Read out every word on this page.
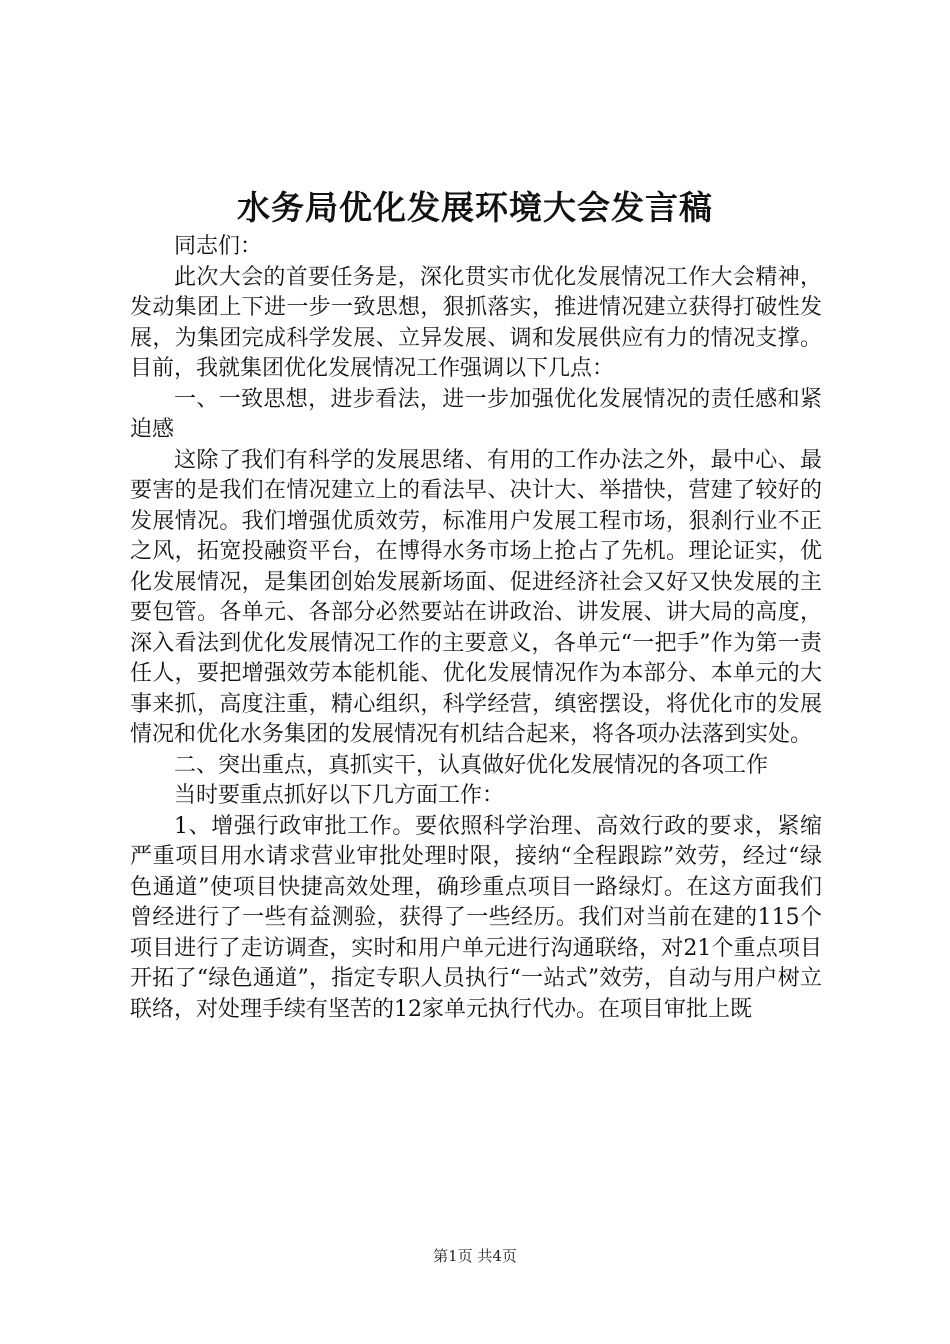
水务局优化发展环境大会发言稿

同志们：

此次大会的首要任务是，深化贯实市优化发展情况工作大会精神，发动集团上下进一步一致思想，狠抓落实，推进情况建立获得打破性发展，为集团完成科学发展、立异发展、调和发展供应有力的情况支撑。目前，我就集团优化发展情况工作强调以下几点：

一、一致思想，进步看法，进一步加强优化发展情况的责任感和紧迫感

这除了我们有科学的发展思绪、有用的工作办法之外，最中心、最要害的是我们在情况建立上的看法早、决计大、举措快，营建了较好的发展情况。我们增强优质效劳，标准用户发展工程市场，狠刹行业不正之风，拓宽投融资平台，在博得水务市场上抢占了先机。理论证实，优化发展情况，是集团创始发展新场面、促进经济社会又好又快发展的主要包管。各单元、各部分必然要站在讲政治、讲发展、讲大局的高度，深入看法到优化发展情况工作的主要意义，各单元“一把手”作为第一责任人，要把增强效劳本能机能、优化发展情况作为本部分、本单元的大事来抓，高度注重，精心组织，科学经营，缜密摆设，将优化市的发展情况和优化水务集团的发展情况有机结合起来，将各项办法落到实处。

二、突出重点，真抓实干，认真做好优化发展情况的各项工作

当时要重点抓好以下几方面工作：

1、增强行政审批工作。要依照科学治理、高效行政的要求，紧缩严重项目用水请求营业审批处理时限，接纳“全程跟踪”效劳，经过“绿色通道”使项目快捷高效处理，确珍重点项目一路绿灯。在这方面我们曾经进行了一些有益测验，获得了一些经历。我们对当前在建的115个项目进行了走访调查，实时和用户单元进行沟通联络，对21个重点项目开拓了“绿色通道”，指定专职人员执行“一站式”效劳，自动与用户树立联络，对处理手续有坚苦的12家单元执行代办。在项目审批上既

第1页 共4页
